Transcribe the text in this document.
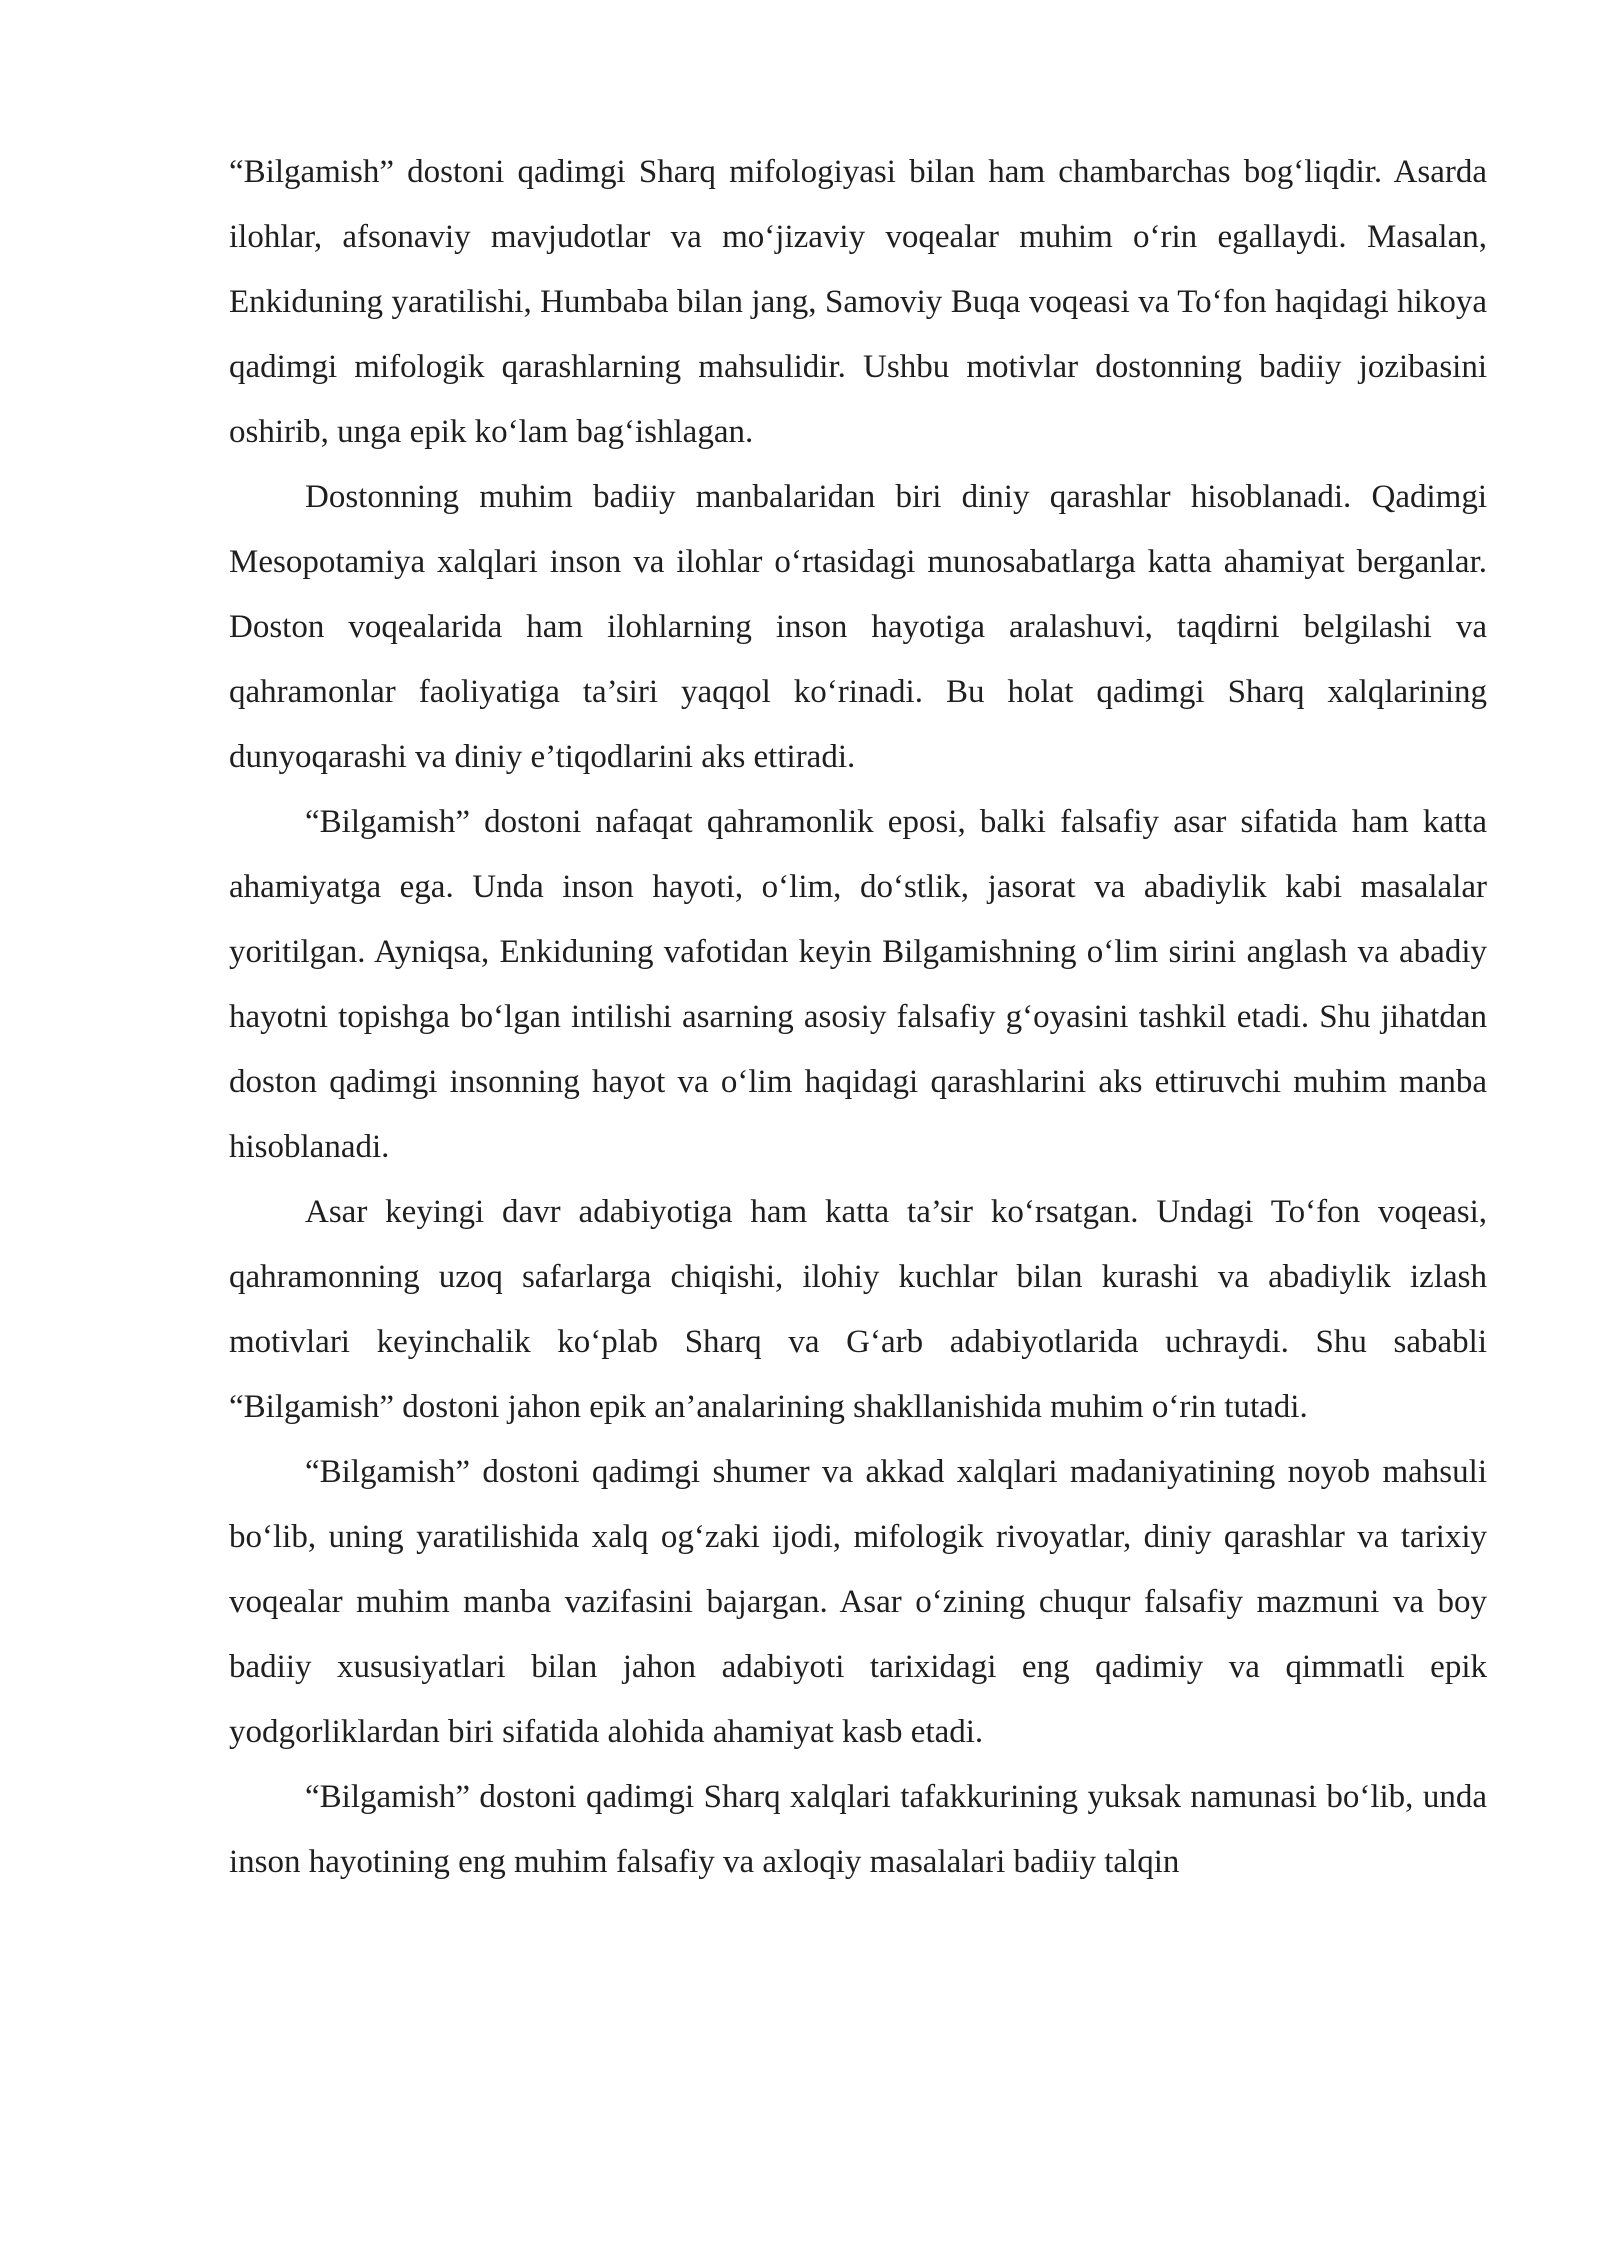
“Bilgamish” dostoni qadimgi Sharq mifologiyasi bilan ham chambarchas bog‘liqdir. Asarda ilohlar, afsonaviy mavjudotlar va mo‘jizaviy voqealar muhim o‘rin egallaydi. Masalan, Enkiduning yaratilishi, Humbaba bilan jang, Samoviy Buqa voqeasi va To‘fon haqidagi hikoya qadimgi mifologik qarashlarning mahsulidir. Ushbu motivlar dostonning badiiy jozibasini oshirib, unga epik ko‘lam bag‘ishlagan.

Dostonning muhim badiiy manbalaridan biri diniy qarashlar hisoblanadi. Qadimgi Mesopotamiya xalqlari inson va ilohlar o‘rtasidagi munosabatlarga katta ahamiyat berganlar. Doston voqealarida ham ilohlarning inson hayotiga aralashuvi, taqdirni belgilashi va qahramonlar faoliyatiga ta’siri yaqqol ko‘rinadi. Bu holat qadimgi Sharq xalqlarining dunyoqarashi va diniy e’tiqodlarini aks ettiradi.

“Bilgamish” dostoni nafaqat qahramonlik eposi, balki falsafiy asar sifatida ham katta ahamiyatga ega. Unda inson hayoti, o‘lim, do‘stlik, jasorat va abadiylik kabi masalalar yoritilgan. Ayniqsa, Enkiduning vafotidan keyin Bilgamishning o‘lim sirini anglash va abadiy hayotni topishga bo‘lgan intilishi asarning asosiy falsafiy g‘oyasini tashkil etadi. Shu jihatdan doston qadimgi insonning hayot va o‘lim haqidagi qarashlarini aks ettiruvchi muhim manba hisoblanadi.

Asar keyingi davr adabiyotiga ham katta ta’sir ko‘rsatgan. Undagi To‘fon voqeasi, qahramonning uzoq safarlarga chiqishi, ilohiy kuchlar bilan kurashi va abadiylik izlash motivlari keyinchalik ko‘plab Sharq va G‘arb adabiyotlarida uchraydi. Shu sababli “Bilgamish” dostoni jahon epik an’analarining shakllanishida muhim o‘rin tutadi.

“Bilgamish” dostoni qadimgi shumer va akkad xalqlari madaniyatining noyob mahsuli bo‘lib, uning yaratilishida xalq og‘zaki ijodi, mifologik rivoyatlar, diniy qarashlar va tarixiy voqealar muhim manba vazifasini bajargan. Asar o‘zining chuqur falsafiy mazmuni va boy badiiy xususiyatlari bilan jahon adabiyoti tarixidagi eng qadimiy va qimmatli epik yodgorliklardan biri sifatida alohida ahamiyat kasb etadi.

“Bilgamish” dostoni qadimgi Sharq xalqlari tafakkurining yuksak namunasi bo‘lib, unda inson hayotining eng muhim falsafiy va axloqiy masalalari badiiy talqin
